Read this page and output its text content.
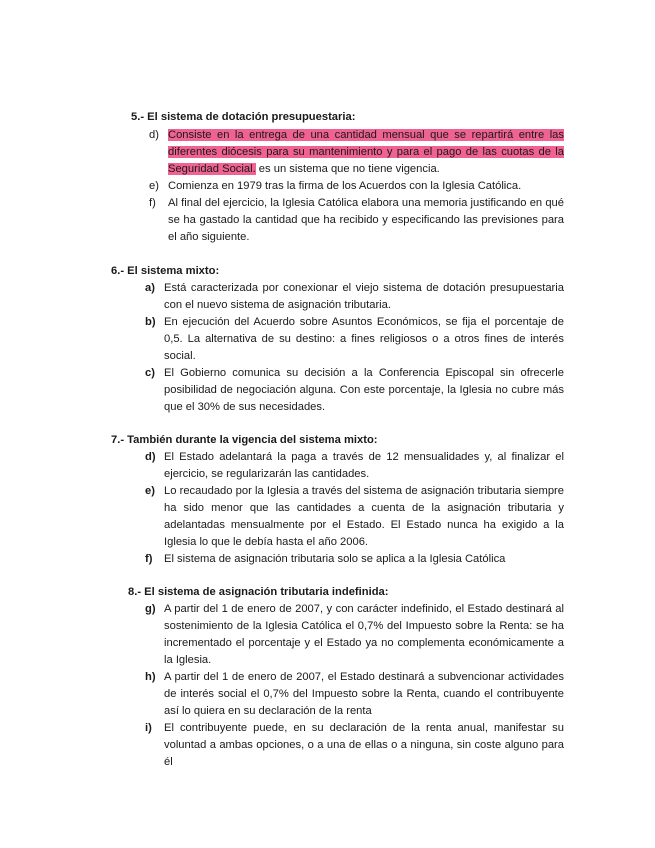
5.- El sistema de dotación presupuestaria:
d) Consiste en la entrega de una cantidad mensual que se repartirá entre las diferentes diócesis para su mantenimiento y para el pago de las cuotas de la Seguridad Social. es un sistema que no tiene vigencia.
e) Comienza en 1979 tras la firma de los Acuerdos con la Iglesia Católica.
f) Al final del ejercicio, la Iglesia Católica elabora una memoria justificando en qué se ha gastado la cantidad que ha recibido y especificando las previsiones para el año siguiente.
6.- El sistema mixto:
a) Está caracterizada por conexionar el viejo sistema de dotación presupuestaria con el nuevo sistema de asignación tributaria.
b) En ejecución del Acuerdo sobre Asuntos Económicos, se fija el porcentaje de 0,5. La alternativa de su destino: a fines religiosos o a otros fines de interés social.
c) El Gobierno comunica su decisión a la Conferencia Episcopal sin ofrecerle posibilidad de negociación alguna. Con este porcentaje, la Iglesia no cubre más que el 30% de sus necesidades.
7.- También durante la vigencia del sistema mixto:
d) El Estado adelantará la paga a través de 12 mensualidades y, al finalizar el ejercicio, se regularizarán las cantidades.
e) Lo recaudado por la Iglesia a través del sistema de asignación tributaria siempre ha sido menor que las cantidades a cuenta de la asignación tributaria y adelantadas mensualmente por el Estado. El Estado nunca ha exigido a la Iglesia lo que le debía hasta el año 2006.
f) El sistema de asignación tributaria solo se aplica a la Iglesia Católica
8.- El sistema de asignación tributaria indefinida:
g) A partir del 1 de enero de 2007, y con carácter indefinido, el Estado destinará al sostenimiento de la Iglesia Católica el 0,7% del Impuesto sobre la Renta: se ha incrementado el porcentaje y el Estado ya no complementa económicamente a la Iglesia.
h) A partir del 1 de enero de 2007, el Estado destinará a subvencionar actividades de interés social el 0,7% del Impuesto sobre la Renta, cuando el contribuyente así lo quiera en su declaración de la renta
i) El contribuyente puede, en su declaración de la renta anual, manifestar su voluntad a ambas opciones, o a una de ellas o a ninguna, sin coste alguno para él
